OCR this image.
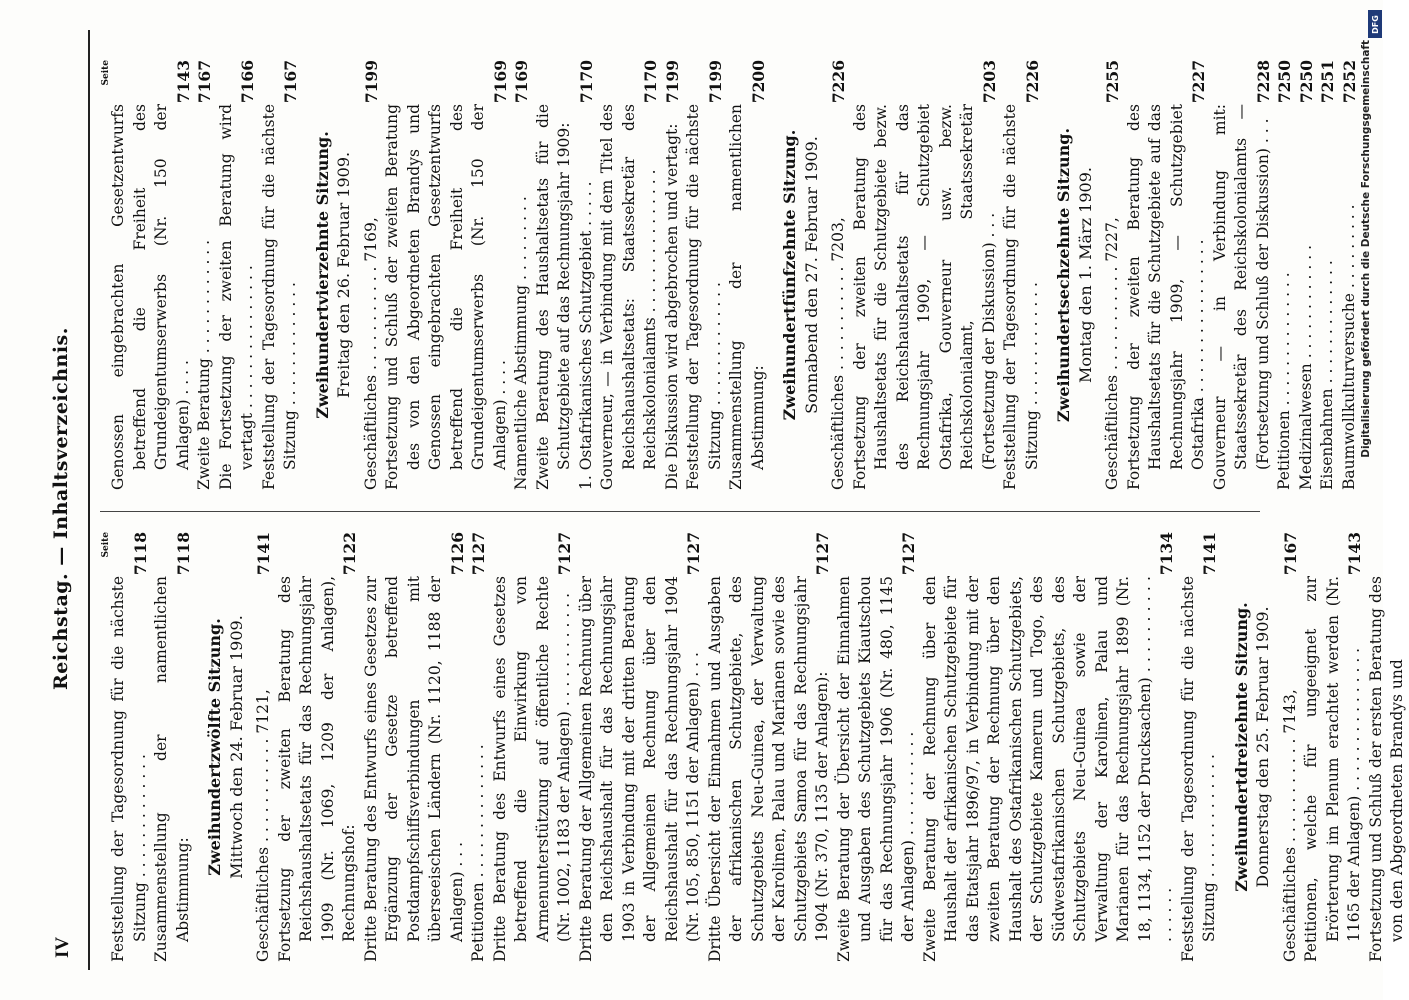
IV
Reichstag. — Inhaltsverzeichnis.	Seite
Feststellung der Tagesordnung für die nächste Sitzung . . . . . . . . . . . . .
7118
Zusammenstellung der namentlichen Abstimmung:
7118
Zweihundertzwölfte Sitzung. Mittwoch den 24. Februar 1909. Geschäftliches . . . . . . . . . . . 7121,
7141
Fortsetzung der zweiten Beratung des Reichshaushaltsetats für das Rechnungsjahr 1909 (Nr. 1069, 1209 der Anlagen), Rechnungshof:
7122
Dritte Beratung des Entwurfs eines Gesetzes zur Ergänzung der Gesetze betreffend Postdampfschiffsverbindungen mit überseeischen Ländern (Nr. 1120, 1188 der Anlagen) . . .
7126
Petitionen . . . . . . . . . . . . . .
7127
Dritte Beratung des Entwurfs eines Gesetzes betreffend die Einwirkung von Armenunterstützung auf öffentliche Rechte (Nr. 1002, 1183 der Anlagen) . . . . . . . . . . . .
7127
Dritte Beratung der Allgemeinen Rechnung über den Reichshaushalt für das Rechnungsjahr 1903 in Verbindung mit der dritten Beratung der Allgemeinen Rechnung über den Reichshaushalt für das Rechnungsjahr 1904 (Nr. 105, 850, 1151 der Anlagen) . . .
7127
Dritte Übersicht der Einnahmen und Ausgaben der afrikanischen Schutzgebiete, des Schutzgebiets Neu-Guinea, der Verwaltung der Karolinen, Palau und Marianen sowie des Schutzgebiets Samoa für das Rechnungsjahr 1904 (Nr. 370, 1135 der Anlagen):
7127
Zweite Beratung der Übersicht der Einnahmen und Ausgaben des Schutzgebiets Kiautschou für das Rechnungsjahr 1906 (Nr. 480, 1145 der Anlagen) . . . . . . . . . . .
7127
Zweite Beratung der Rechnung über den Haushalt der afrikanischen Schutzgebiete für das Etatsjahr 1896/97, in Verbindung mit der zweiten Beratung der Rechnung über den Haushalt des Ostafrikanischen Schutzgebiets, der Schutzgebiete Kamerun und Togo, des Südwestafrikanischen Schutzgebiets, des Schutzgebiets Neu-Guinea sowie der Verwaltung der Karolinen, Palau und Marianen für das Rechnungsjahr 1899 (Nr. 18, 1134, 1152 der Drucksachen) . . . . . . . . . . . . . . . .
7134
Feststellung der Tagesordnung für die nächste Sitzung . . . . . . . . . . . . .
7141
Zweihundertdreizehnte Sitzung. Donnerstag den 25. Februar 1909. Geschäftliches . . . . . . . . . . . 7143,
7167
Petitionen, welche für ungeeignet zur Erörterung im Plenum erachtet werden (Nr. 1165 der Anlagen) . . . . . . . . . . . . . . .
7143
Fortsetzung und Schluß der ersten Beratung des von den Abgeordneten Brandys und
Seite
Genossen eingebrachten Gesetzentwurfs betreffend die Freiheit des Grundeigentumserwerbs (Nr. 150 der Anlagen) . . . .
7143
Zweite Beratung . . . . . . . . . . . .
7167
Die Fortsetzung der zweiten Beratung wird vertagt . . . . . . . . . . . . . . .
7166
Feststellung der Tagesordnung für die nächste Sitzung . . . . . . . . . . . . .
7167
Zweihundertvierzehnte Sitzung. Freitag den 26. Februar 1909. Geschäftliches . . . . . . . . . . . 7169,
7199
Fortsetzung und Schluß der zweiten Beratung des von den Abgeordneten Brandys und Genossen eingebrachten Gesetzentwurfs betreffend die Freiheit des Grundeigentumserwerbs (Nr. 150 der Anlagen) . . . .
7169
Namentliche Abstimmung . . . . . . . . .
7169
Zweite Beratung des Haushaltsetats für die Schutzgebiete auf das Rechnungsjahr 1909: 1. Ostafrikanisches Schutzgebiet . . . . .
7170
Gouverneur, — in Verbindung mit dem Titel des Reichshaushaltsetats: Staatssekretär des Reichskolonialamts . . . . . . . . . . . . . . .
7170
Die Diskussion wird abgebrochen und vertagt:
7199
Feststellung der Tagesordnung für die nächste Sitzung . . . . . . . . . . . . .
7199
Zusammenstellung der namentlichen Abstimmung:
7200
Zweihundertfünfzehnte Sitzung. Sonnabend den 27. Februar 1909. Geschäftliches . . . . . . . . . . . 7203,
7226
Fortsetzung der zweiten Beratung des Haushaltsetats für die Schutzgebiete bezw. des Reichshaushaltsetats für das Rechnungsjahr 1909, — Schutzgebiet Ostafrika, Gouverneur usw. bezw. Reichskolonialamt, Staatssekretär (Fortsetzung der Diskussion) . . .
7203
Feststellung der Tagesordnung für die nächste Sitzung . . . . . . . . . . . . .
7226
Zweihundertsechzehnte Sitzung. Montag den 1. März 1909. Geschäftliches . . . . . . . . . . . 7227,
7255
Fortsetzung der zweiten Beratung des Haushaltsetats für die Schutzgebiete auf das Rechnungsjahr 1909, — Schutzgebiet Ostafrika . . . . . . . . . . . . . . . .
7227
Gouverneur — in Verbindung mit: Staatssekretär des Reichskolonialamts — (Fortsetzung und Schluß der Diskussion) . . .
7228
Petitionen . . . . . . . . . . . . . .
7250
Medizinalwesen . . . . . . . . . . . .
7250
Eisenbahnen . . . . . . . . . . . . .
7251
Baumwollkulturversuche . . . . . . . . .
7252
DFG
Digitalisierung gefördert durch die Deutsche Forschungsgemeinschaft
